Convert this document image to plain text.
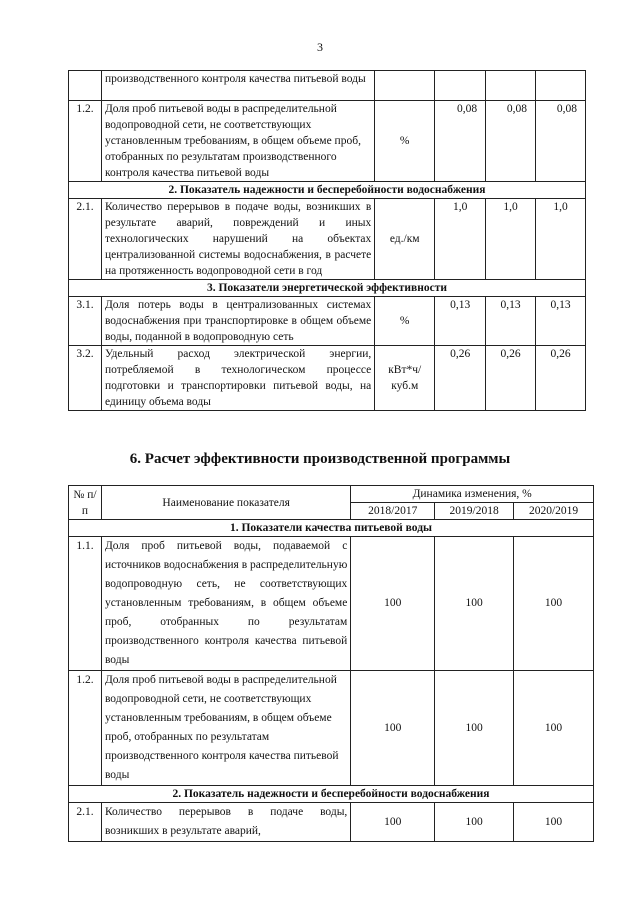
3
	производственного контроля качества питьевой воды				
1.2.	Доля проб питьевой воды в распределительной водопроводной сети, не соответствующих установленным требованиям, в общем объеме проб, отобранных по результатам производственного контроля качества питьевой воды	%	0,08	0,08	0,08
2. Показатель надежности и бесперебойности водоснабжения					
2.1.	Количество перерывов в подаче воды, возникших в результате аварий, повреждений и иных технологических нарушений на объектах централизованной системы водоснабжения, в расчете на протяженность водопроводной сети в год	ед./км	1,0	1,0	1,0
3. Показатели энергетической эффективности					
3.1.	Доля потерь воды в централизованных системах водоснабжения при транспортировке в общем объеме воды, поданной в водопроводную сеть	%	0,13	0,13	0,13
3.2.	Удельный расход электрической энергии, потребляемой в технологическом процессе подготовки и транспортировки питьевой воды, на единицу объема воды	кВт*ч/куб.м	0,26	0,26	0,26
6. Расчет эффективности производственной программы
№ п/п	Наименование показателя	Динамика изменения, %		
		2018/2017	2019/2018	2020/2019
1. Показатели качества питьевой воды				
1.1.	Доля проб питьевой воды, подаваемой с источников водоснабжения в распределительную водопроводную сеть, не соответствующих установленным требованиям, в общем объеме проб, отобранных по результатам производственного контроля качества питьевой воды	100	100	100
1.2.	Доля проб питьевой воды в распределительной водопроводной сети, не соответствующих установленным требованиям, в общем объеме проб, отобранных по результатам производственного контроля качества питьевой воды	100	100	100
2. Показатель надежности и бесперебойности водоснабжения				
2.1.	Количество перерывов в подаче воды, возникших в результате аварий,	100	100	100
